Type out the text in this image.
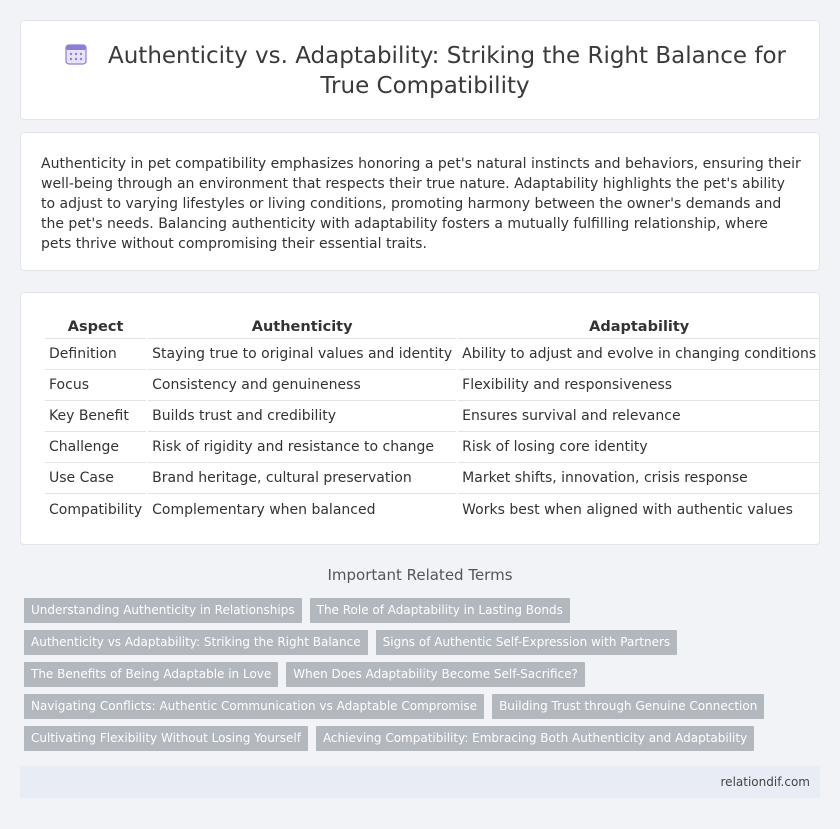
Authenticity vs. Adaptability: Striking the Right Balance for True Compatibility

Authenticity in pet compatibility emphasizes honoring a pet's natural instincts and behaviors, ensuring their well-being through an environment that respects their true nature. Adaptability highlights the pet's ability to adjust to varying lifestyles or living conditions, promoting harmony between the owner's demands and the pet's needs. Balancing authenticity with adaptability fosters a mutually fulfilling relationship, where pets thrive without compromising their essential traits.

Aspect	Authenticity	Adaptability
Definition	Staying true to original values and identity	Ability to adjust and evolve in changing conditions
Focus	Consistency and genuineness	Flexibility and responsiveness
Key Benefit	Builds trust and credibility	Ensures survival and relevance
Challenge	Risk of rigidity and resistance to change	Risk of losing core identity
Use Case	Brand heritage, cultural preservation	Market shifts, innovation, crisis response
Compatibility	Complementary when balanced	Works best when aligned with authentic values
Important Related Terms
Understanding Authenticity in Relationships	The Role of Adaptability in Lasting Bonds
Authenticity vs Adaptability: Striking the Right Balance	Signs of Authentic Self-Expression with Partners
The Benefits of Being Adaptable in Love	When Does Adaptability Become Self-Sacrifice?
Navigating Conflicts: Authentic Communication vs Adaptable Compromise	Building Trust through Genuine Connection
Cultivating Flexibility Without Losing Yourself	Achieving Compatibility: Embracing Both Authenticity and Adaptability
relationdif.com
